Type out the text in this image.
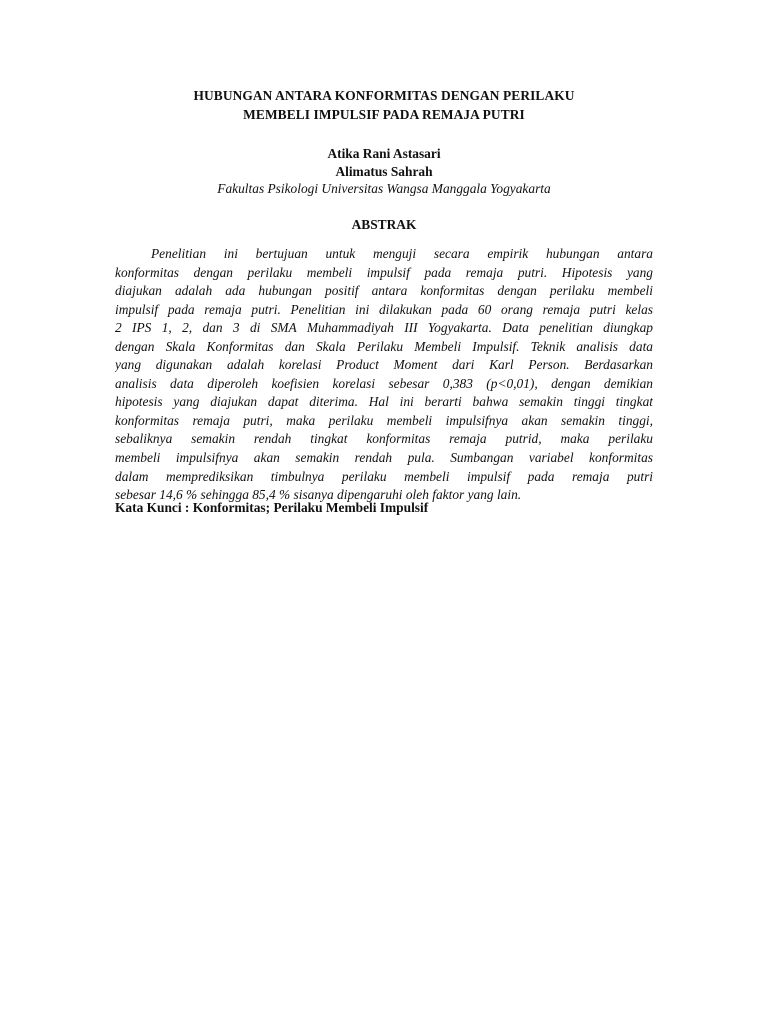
HUBUNGAN ANTARA KONFORMITAS DENGAN PERILAKU
MEMBELI IMPULSIF PADA REMAJA PUTRI
Atika Rani Astasari
Alimatus Sahrah
Fakultas Psikologi Universitas Wangsa Manggala Yogyakarta
ABSTRAK
Penelitian ini bertujuan untuk menguji secara empirik hubungan antara
konformitas dengan perilaku membeli impulsif pada remaja putri. Hipotesis yang
diajukan adalah ada hubungan positif antara konformitas dengan perilaku membeli
impulsif pada remaja putri. Penelitian ini dilakukan pada 60 orang remaja putri kelas
2 IPS 1, 2, dan 3 di SMA Muhammadiyah III Yogyakarta. Data penelitian diungkap
dengan Skala Konformitas dan Skala Perilaku Membeli Impulsif. Teknik analisis data
yang digunakan adalah korelasi Product Moment dari Karl Person. Berdasarkan
analisis data diperoleh koefisien korelasi sebesar 0,383 (p<0,01), dengan demikian
hipotesis yang diajukan dapat diterima. Hal ini berarti bahwa semakin tinggi tingkat
konformitas remaja putri, maka perilaku membeli impulsifnya akan semakin tinggi,
sebaliknya semakin rendah tingkat konformitas remaja putrid, maka perilaku
membeli impulsifnya akan semakin rendah pula. Sumbangan variabel konformitas
dalam memprediksikan timbulnya perilaku membeli impulsif pada remaja putri
sebesar 14,6 % sehingga 85,4 % sisanya dipengaruhi oleh faktor yang lain.
Kata Kunci : Konformitas; Perilaku Membeli Impulsif
